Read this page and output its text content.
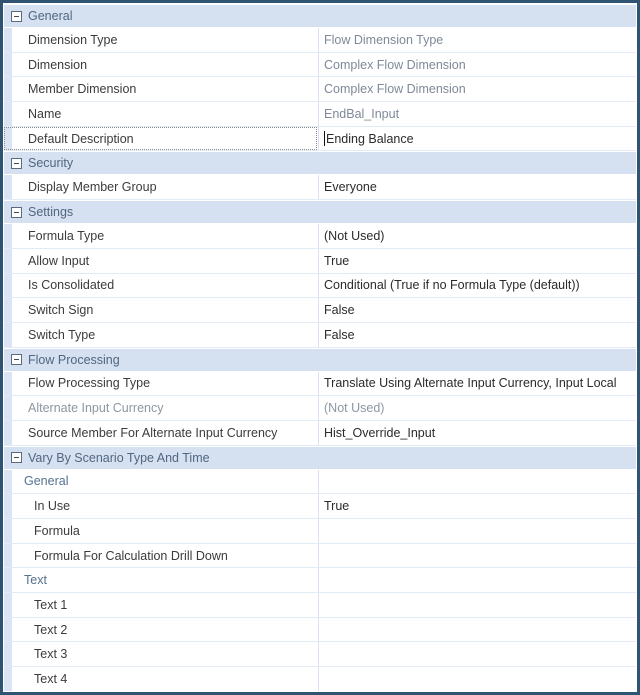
General
Dimension Type	Flow Dimension Type
Dimension	Complex Flow Dimension
Member Dimension	Complex Flow Dimension
Name	EndBal_Input
Default Description	Ending Balance
Security
Display Member Group	Everyone
Settings
Formula Type	(Not Used)
Allow Input	True
Is Consolidated	Conditional (True if no Formula Type (default))
Switch Sign	False
Switch Type	False
Flow Processing
Flow Processing Type	Translate Using Alternate Input Currency, Input Local
Alternate Input Currency	(Not Used)
Source Member For Alternate Input Currency	Hist_Override_Input
Vary By Scenario Type And Time
General
In Use	True
Formula
Formula For Calculation Drill Down
Text
Text 1
Text 2
Text 3
Text 4
